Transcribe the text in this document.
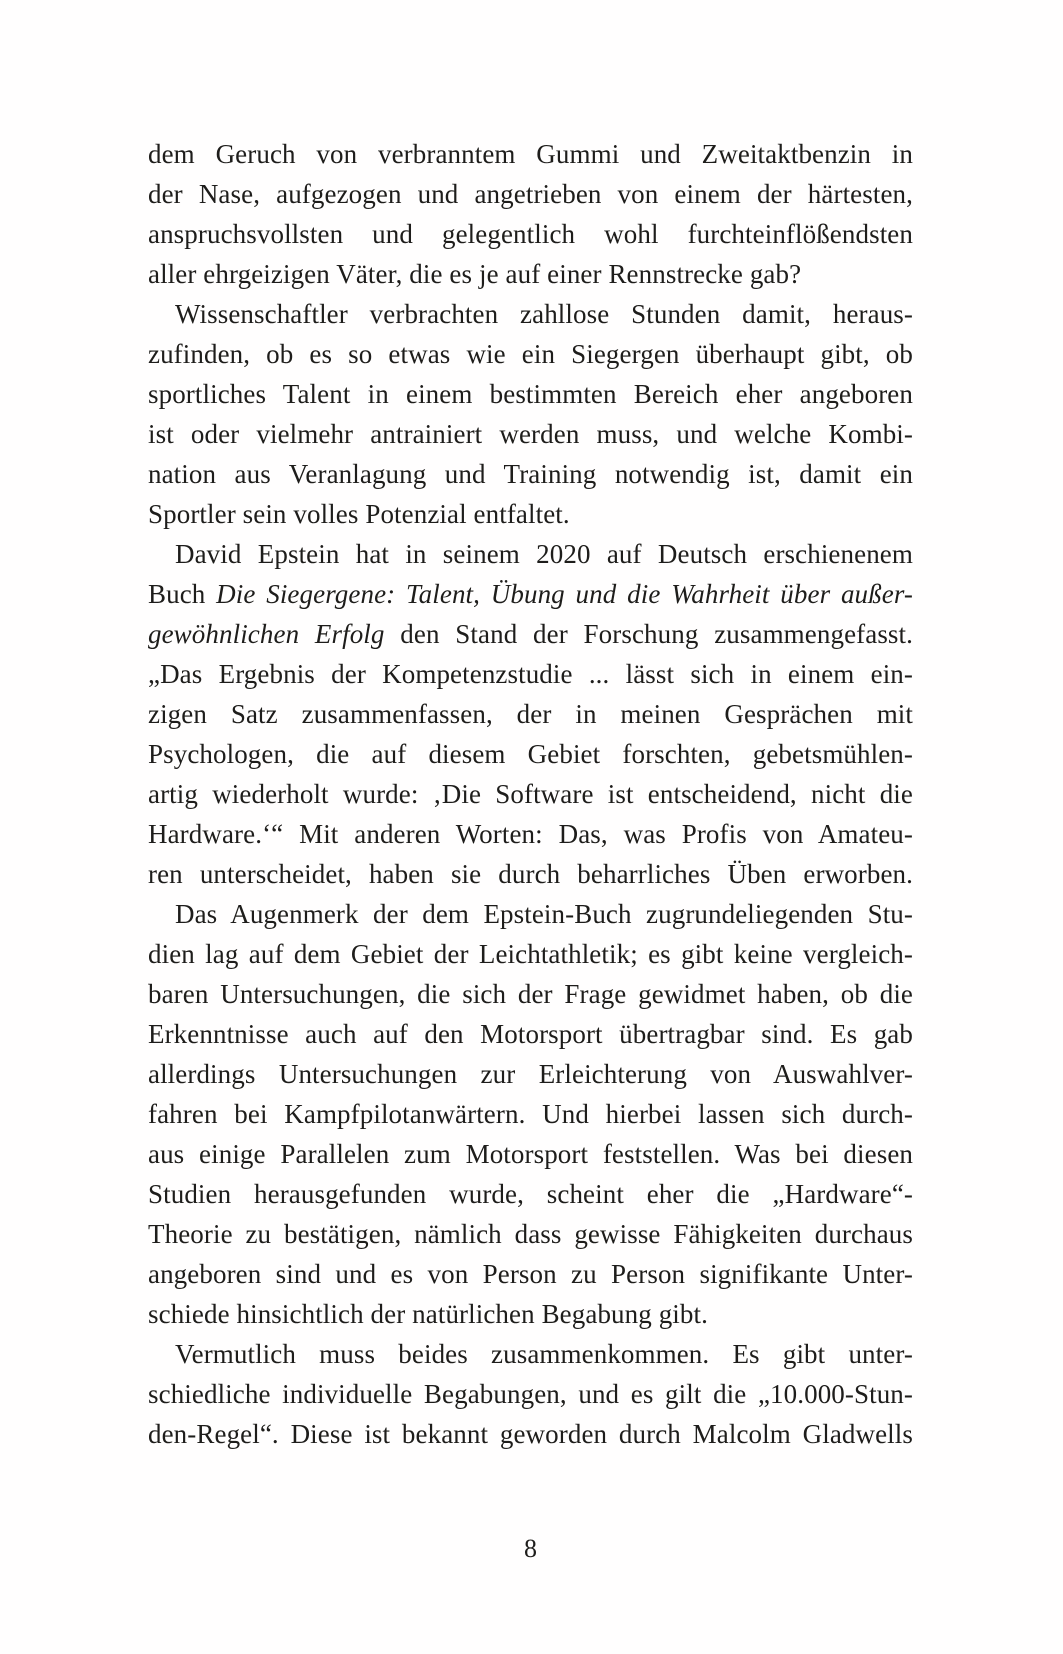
dem Geruch von verbranntem Gummi und Zweitaktbenzin in
der Nase, aufgezogen und angetrieben von einem der härtesten,
anspruchsvollsten und gelegentlich wohl furchteinflößendsten
aller ehrgeizigen Väter, die es je auf einer Rennstrecke gab?
Wissenschaftler verbrachten zahllose Stunden damit, heraus-
zufinden, ob es so etwas wie ein Siegergen überhaupt gibt, ob
sportliches Talent in einem bestimmten Bereich eher angeboren
ist oder vielmehr antrainiert werden muss, und welche Kombi-
nation aus Veranlagung und Training notwendig ist, damit ein
Sportler sein volles Potenzial entfaltet.
David Epstein hat in seinem 2020 auf Deutsch erschienenem
Buch Die Siegergene: Talent, Übung und die Wahrheit über außer-
gewöhnlichen Erfolg den Stand der Forschung zusammengefasst.
„Das Ergebnis der Kompetenzstudie ... lässt sich in einem ein-
zigen Satz zusammenfassen, der in meinen Gesprächen mit
Psychologen, die auf diesem Gebiet forschten, gebetsmühlen-
artig wiederholt wurde: ‚Die Software ist entscheidend, nicht die
Hardware.‘“ Mit anderen Worten: Das, was Profis von Amateu-
ren unterscheidet, haben sie durch beharrliches Üben erworben.
Das Augenmerk der dem Epstein-Buch zugrundeliegenden Stu-
dien lag auf dem Gebiet der Leichtathletik; es gibt keine vergleich-
baren Untersuchungen, die sich der Frage gewidmet haben, ob die
Erkenntnisse auch auf den Motorsport übertragbar sind. Es gab
allerdings Untersuchungen zur Erleichterung von Auswahlver-
fahren bei Kampfpilotanwärtern. Und hierbei lassen sich durch-
aus einige Parallelen zum Motorsport feststellen. Was bei diesen
Studien herausgefunden wurde, scheint eher die „Hardware“-
Theorie zu bestätigen, nämlich dass gewisse Fähigkeiten durchaus
angeboren sind und es von Person zu Person signifikante Unter-
schiede hinsichtlich der natürlichen Begabung gibt.
Vermutlich muss beides zusammenkommen. Es gibt unter-
schiedliche individuelle Begabungen, und es gilt die „10.000-Stun-
den-Regel“. Diese ist bekannt geworden durch Malcolm Gladwells
8
